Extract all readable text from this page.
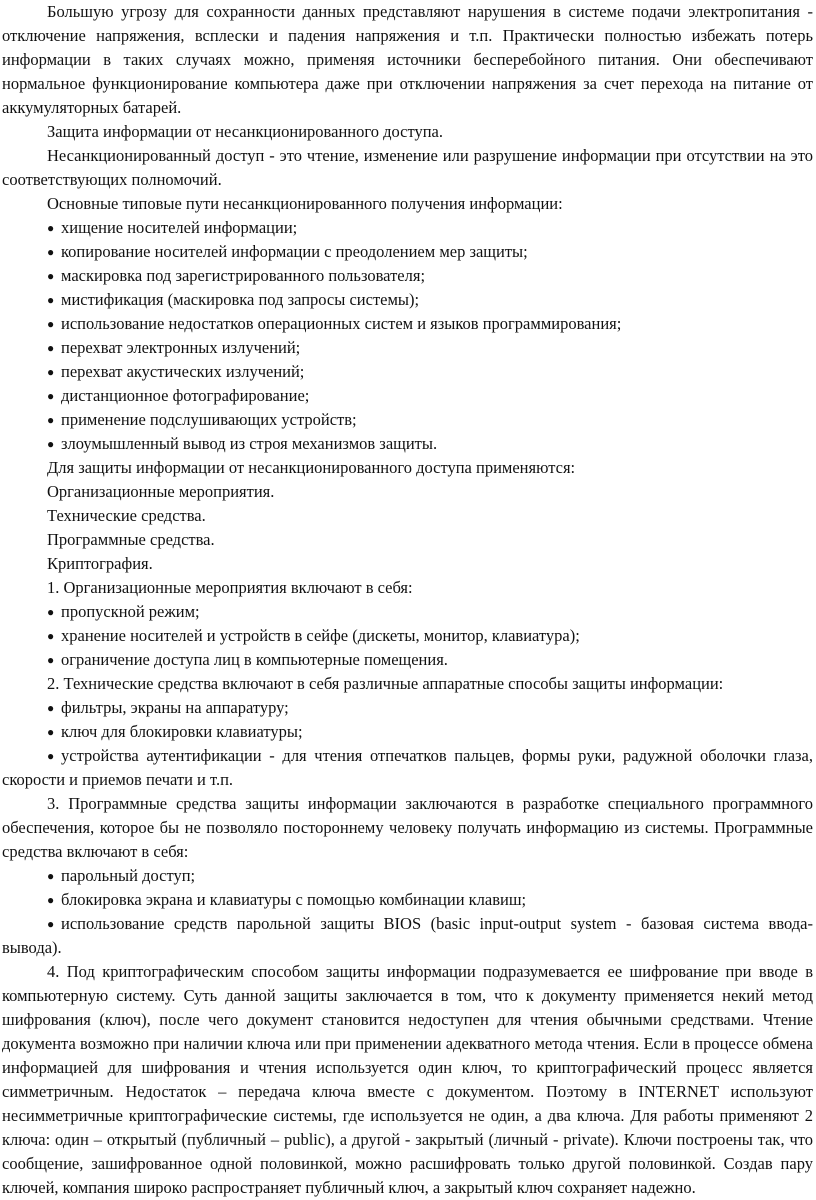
Большую угрозу для сохранности данных представляют нарушения в системе подачи электропитания - отключение напряжения, всплески и падения напряжения и т.п. Практически полностью избежать потерь информации в таких случаях можно, применяя источники бесперебойного питания. Они обеспечивают нормальное функционирование компьютера даже при отключении напряжения за счет перехода на питание от аккумуляторных батарей.

Защита информации от несанкционированного доступа.

Несанкционированный доступ - это чтение, изменение или разрушение информации при отсутствии на это соответствующих полномочий.

Основные типовые пути несанкционированного получения информации:

● хищение носителей информации;

● копирование носителей информации с преодолением мер защиты;

● маскировка под зарегистрированного пользователя;

● мистификация (маскировка под запросы системы);

● использование недостатков операционных систем и языков программирования;

● перехват электронных излучений;

● перехват акустических излучений;

● дистанционное фотографирование;

● применение подслушивающих устройств;

● злоумышленный вывод из строя механизмов защиты.

Для защиты информации от несанкционированного доступа применяются:

Организационные мероприятия.

Технические средства.

Программные средства.

Криптография.

1. Организационные мероприятия включают в себя:

● пропускной режим;

● хранение носителей и устройств в сейфе (дискеты, монитор, клавиатура);

● ограничение доступа лиц в компьютерные помещения.

2. Технические средства включают в себя различные аппаратные способы защиты информации:

● фильтры, экраны на аппаратуру;

● ключ для блокировки клавиатуры;

● устройства аутентификации - для чтения отпечатков пальцев, формы руки, радужной оболочки глаза, скорости и приемов печати и т.п.

3. Программные средства защиты информации заключаются в разработке специального программного обеспечения, которое бы не позволяло постороннему человеку получать информацию из системы. Программные средства включают в себя:

● парольный доступ;

● блокировка экрана и клавиатуры с помощью комбинации клавиш;

● использование средств парольной защиты BIOS (basic input-output system - базовая система ввода-вывода).

4. Под криптографическим способом защиты информации подразумевается ее шифрование при вводе в компьютерную систему. Суть данной защиты заключается в том, что к документу применяется некий метод шифрования (ключ), после чего документ становится недоступен для чтения обычными средствами. Чтение документа возможно при наличии ключа или при применении адекватного метода чтения. Если в процессе обмена информацией для шифрования и чтения используется один ключ, то криптографический процесс является симметричным. Недостаток – передача ключа вместе с документом. Поэтому в INTERNET используют несимметричные криптографические системы, где используется не один, а два ключа. Для работы применяют 2 ключа: один – открытый (публичный – public), а другой - закрытый (личный - private). Ключи построены так, что сообщение, зашифрованное одной половинкой, можно расшифровать только другой половинкой. Создав пару ключей, компания широко распространяет публичный ключ, а закрытый ключ сохраняет надежно.
